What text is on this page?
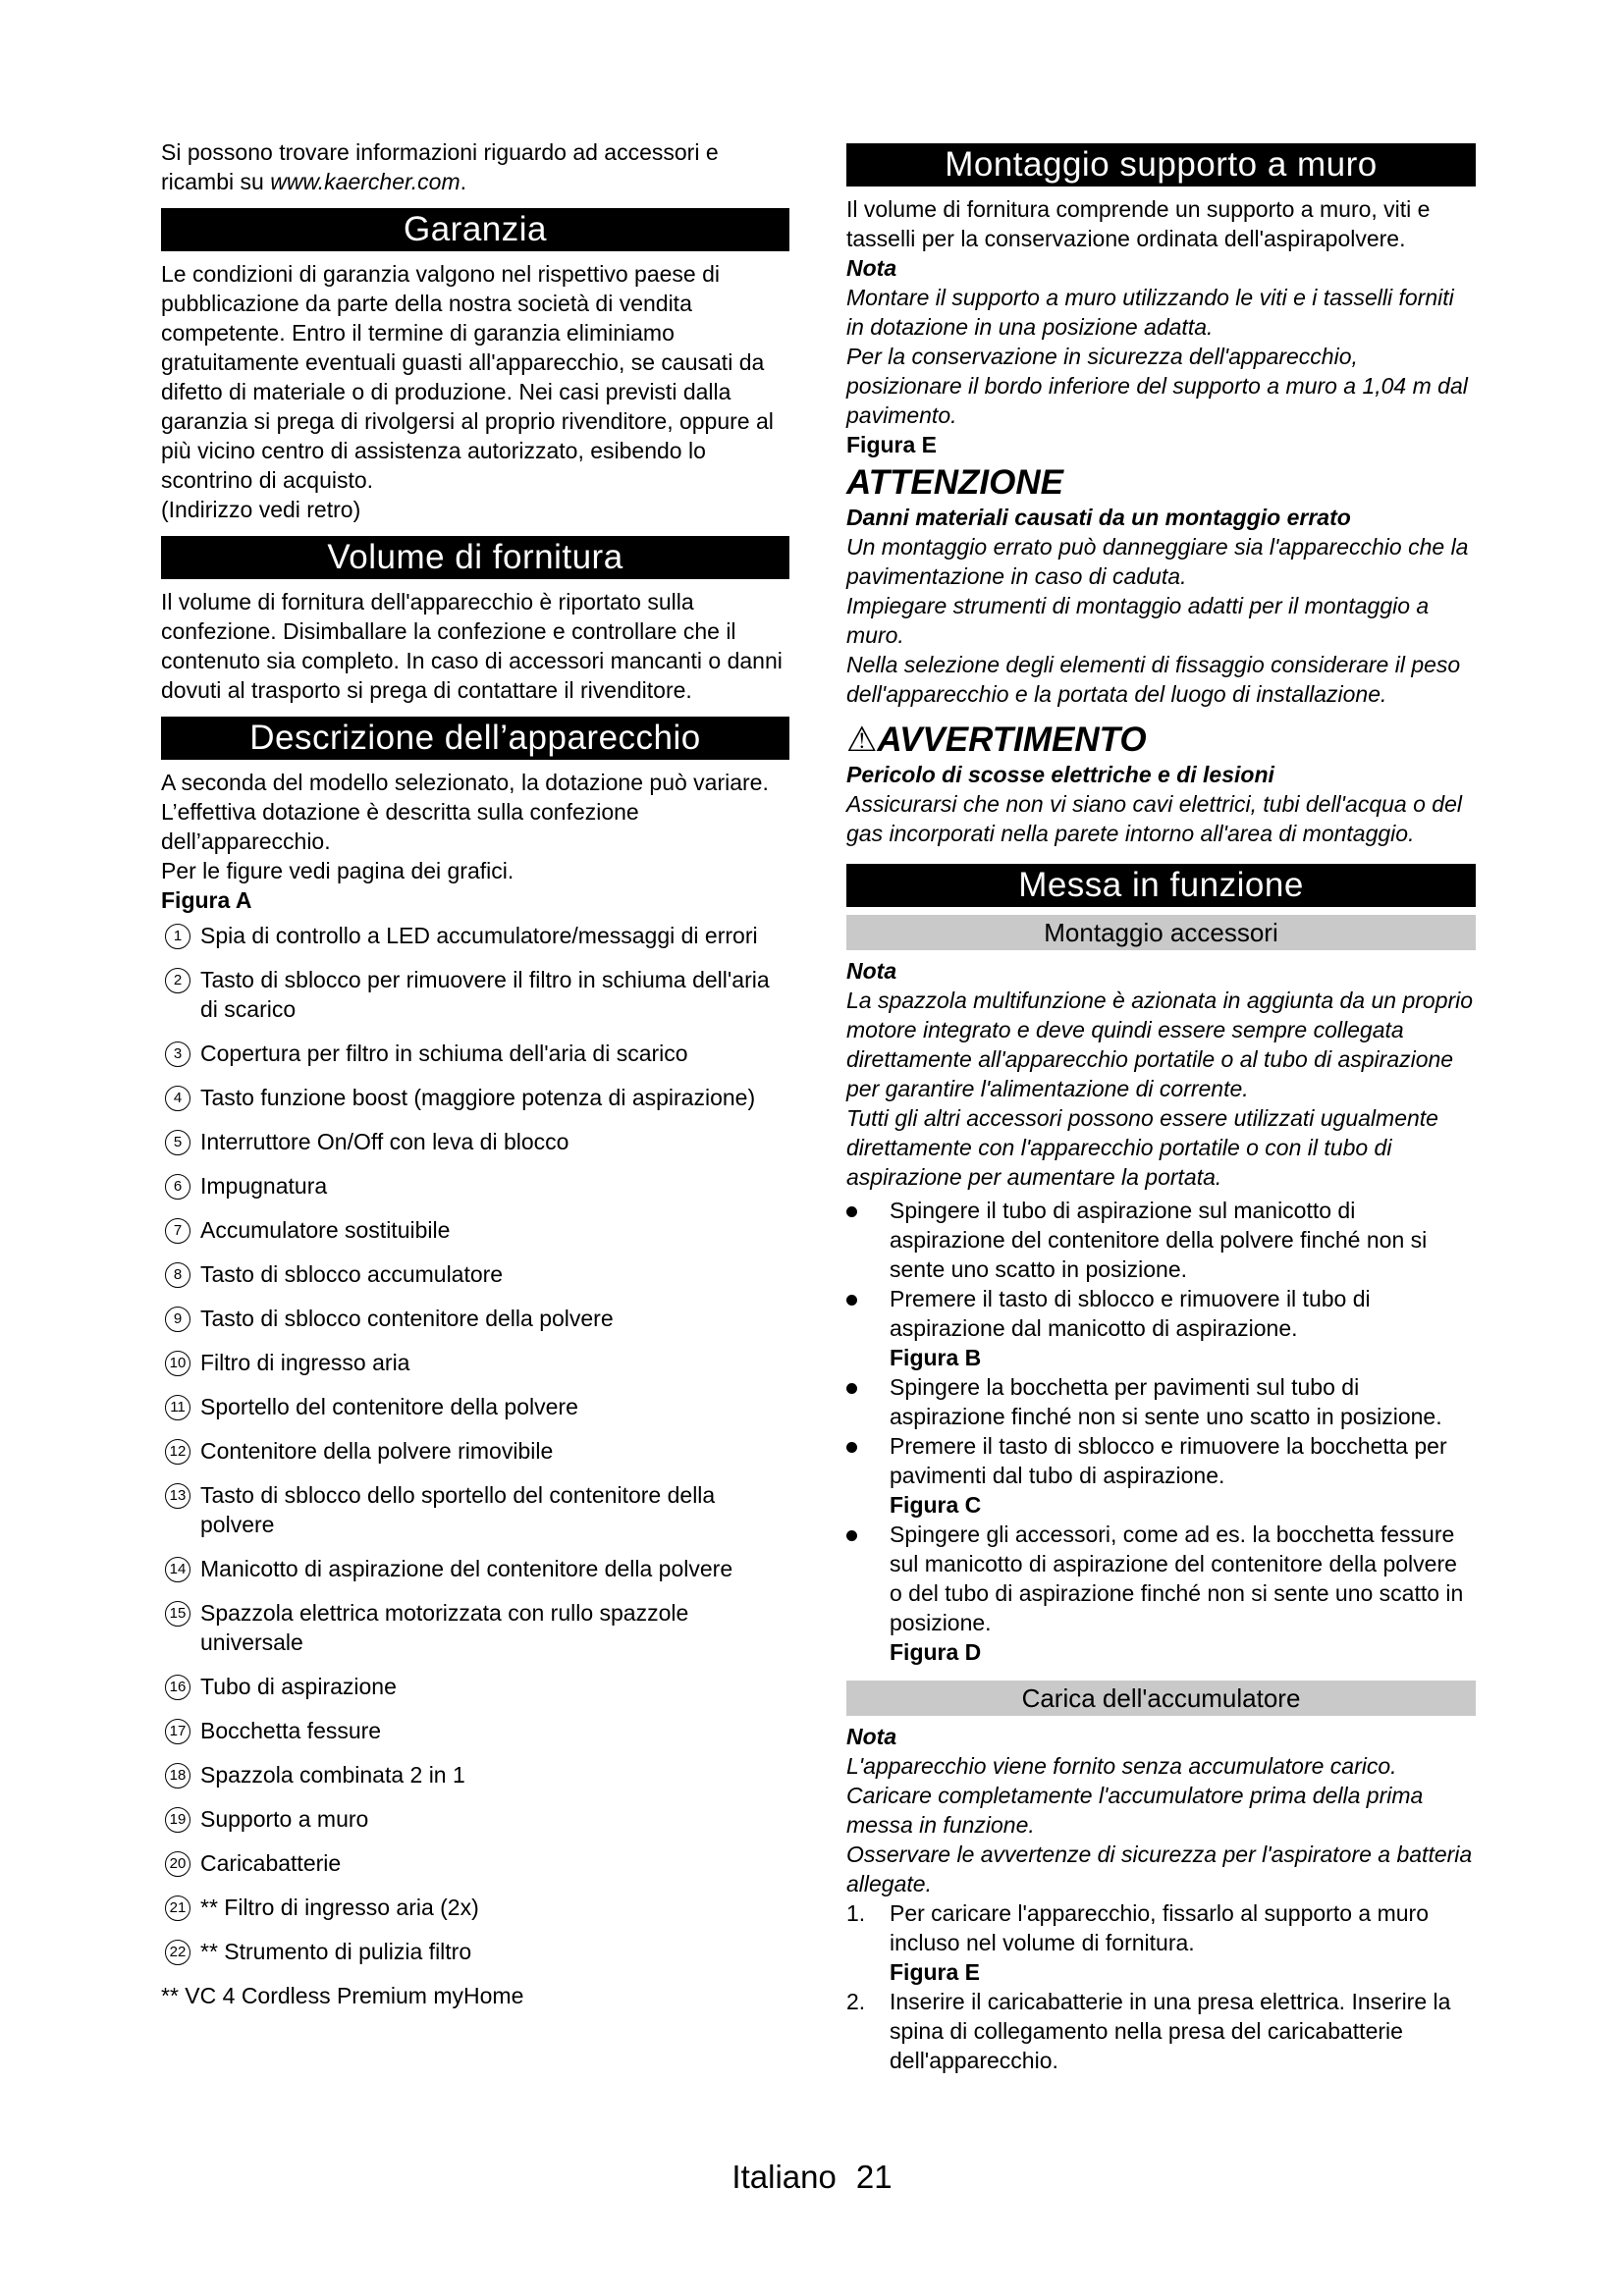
Si possono trovare informazioni riguardo ad accessori e ricambi su www.kaercher.com.

Garanzia

Le condizioni di garanzia valgono nel rispettivo paese di pubblicazione da parte della nostra società di vendita competente. Entro il termine di garanzia eliminiamo gratuitamente eventuali guasti all'apparecchio, se causati da difetto di materiale o di produzione. Nei casi previsti dalla garanzia si prega di rivolgersi al proprio rivenditore, oppure al più vicino centro di assistenza autorizzato, esibendo lo scontrino di acquisto.

(Indirizzo vedi retro)

Volume di fornitura

Il volume di fornitura dell'apparecchio è riportato sulla confezione. Disimballare la confezione e controllare che il contenuto sia completo. In caso di accessori mancanti o danni dovuti al trasporto si prega di contattare il rivenditore.

Descrizione dell’apparecchio

A seconda del modello selezionato, la dotazione può variare. L’effettiva dotazione è descritta sulla confezione dell’apparecchio.

Per le figure vedi pagina dei grafici.

Figura A
1 Spia di controllo a LED accumulatore/messaggi di errori
2 Tasto di sblocco per rimuovere il filtro in schiuma dell'aria di scarico
3 Copertura per filtro in schiuma dell'aria di scarico
4 Tasto funzione boost (maggiore potenza di aspirazione)
5 Interruttore On/Off con leva di blocco
6 Impugnatura
7 Accumulatore sostituibile
8 Tasto di sblocco accumulatore
9 Tasto di sblocco contenitore della polvere
10 Filtro di ingresso aria
11 Sportello del contenitore della polvere
12 Contenitore della polvere rimovibile
13 Tasto di sblocco dello sportello del contenitore della polvere
14 Manicotto di aspirazione del contenitore della polvere
15 Spazzola elettrica motorizzata con rullo spazzole universale
16 Tubo di aspirazione
17 Bocchetta fessure
18 Spazzola combinata 2 in 1
19 Supporto a muro
20 Caricabatterie
21 ** Filtro di ingresso aria (2x)
22 ** Strumento di pulizia filtro

** VC 4 Cordless Premium myHome

Montaggio supporto a muro

Il volume di fornitura comprende un supporto a muro, viti e tasselli per la conservazione ordinata dell'aspirapolvere.

Nota

Montare il supporto a muro utilizzando le viti e i tasselli forniti in dotazione in una posizione adatta.

Per la conservazione in sicurezza dell'apparecchio, posizionare il bordo inferiore del supporto a muro a 1,04 m dal pavimento.

Figura E
ATTENZIONE
Danni materiali causati da un montaggio errato

Un montaggio errato può danneggiare sia l'apparecchio che la pavimentazione in caso di caduta.

Impiegare strumenti di montaggio adatti per il montaggio a muro.

Nella selezione degli elementi di fissaggio considerare il peso dell'apparecchio e la portata del luogo di installazione.

⚠AVVERTIMENTO
Pericolo di scosse elettriche e di lesioni

Assicurarsi che non vi siano cavi elettrici, tubi dell'acqua o del gas incorporati nella parete intorno all'area di montaggio.

Messa in funzione
Montaggio accessori
Nota

La spazzola multifunzione è azionata in aggiunta da un proprio motore integrato e deve quindi essere sempre collegata direttamente all'apparecchio portatile o al tubo di aspirazione per garantire l'alimentazione di corrente.

Tutti gli altri accessori possono essere utilizzati ugualmente direttamente con l'apparecchio portatile o con il tubo di aspirazione per aumentare la portata.

Spingere il tubo di aspirazione sul manicotto di aspirazione del contenitore della polvere finché non si sente uno scatto in posizione.
Premere il tasto di sblocco e rimuovere il tubo di aspirazione dal manicotto di aspirazione.
Figura B
Spingere la bocchetta per pavimenti sul tubo di aspirazione finché non si sente uno scatto in posizione.
Premere il tasto di sblocco e rimuovere la bocchetta per pavimenti dal tubo di aspirazione.
Figura C
Spingere gli accessori, come ad es. la bocchetta fessure sul manicotto di aspirazione del contenitore della polvere o del tubo di aspirazione finché non si sente uno scatto in posizione.
Figura D
Carica dell'accumulatore
Nota

L'apparecchio viene fornito senza accumulatore carico.

Caricare completamente l'accumulatore prima della prima messa in funzione.

Osservare le avvertenze di sicurezza per l'aspiratore a batteria allegate.

1. Per caricare l'apparecchio, fissarlo al supporto a muro incluso nel volume di fornitura.
Figura E
2. Inserire il caricabatterie in una presa elettrica. Inserire la spina di collegamento nella presa del caricabatterie dell'apparecchio.
Italiano 21
